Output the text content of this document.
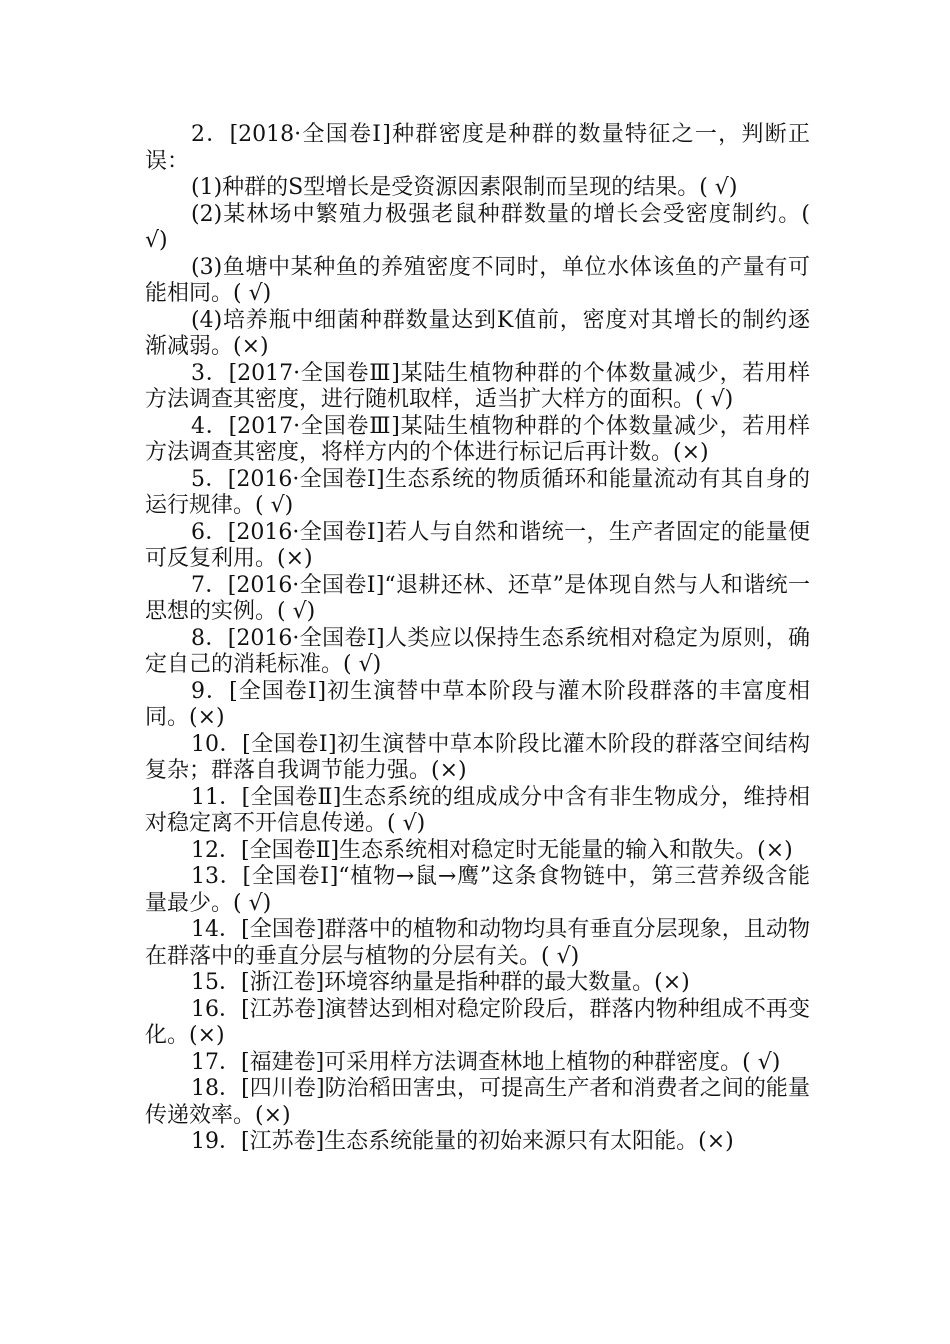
2．[2018·全国卷Ⅰ]种群密度是种群的数量特征之一，判断正误：

(1)种群的S型增长是受资源因素限制而呈现的结果。( √)

(2)某林场中繁殖力极强老鼠种群数量的增长会受密度制约。( √)

(3)鱼塘中某种鱼的养殖密度不同时，单位水体该鱼的产量有可能相同。( √)

(4)培养瓶中细菌种群数量达到K值前，密度对其增长的制约逐渐减弱。(×)

3．[2017·全国卷Ⅲ]某陆生植物种群的个体数量减少，若用样方法调查其密度，进行随机取样，适当扩大样方的面积。( √)

4．[2017·全国卷Ⅲ]某陆生植物种群的个体数量减少，若用样方法调查其密度，将样方内的个体进行标记后再计数。(×)

5．[2016·全国卷Ⅰ]生态系统的物质循环和能量流动有其自身的运行规律。( √)

6．[2016·全国卷Ⅰ]若人与自然和谐统一，生产者固定的能量便可反复利用。(×)

7．[2016·全国卷Ⅰ]“退耕还林、还草”是体现自然与人和谐统一思想的实例。( √)

8．[2016·全国卷Ⅰ]人类应以保持生态系统相对稳定为原则，确定自己的消耗标准。( √)

9．[全国卷Ⅰ]初生演替中草本阶段与灌木阶段群落的丰富度相同。(×)

10．[全国卷Ⅰ]初生演替中草本阶段比灌木阶段的群落空间结构复杂；群落自我调节能力强。(×)

11．[全国卷Ⅱ]生态系统的组成成分中含有非生物成分，维持相对稳定离不开信息传递。( √)

12．[全国卷Ⅱ]生态系统相对稳定时无能量的输入和散失。(×)

13．[全国卷Ⅰ]“植物→鼠→鹰”这条食物链中，第三营养级含能量最少。( √)

14．[全国卷]群落中的植物和动物均具有垂直分层现象，且动物在群落中的垂直分层与植物的分层有关。( √)

15．[浙江卷]环境容纳量是指种群的最大数量。(×)

16．[江苏卷]演替达到相对稳定阶段后，群落内物种组成不再变化。(×)

17．[福建卷]可采用样方法调查林地上植物的种群密度。( √)

18．[四川卷]防治稻田害虫，可提高生产者和消费者之间的能量传递效率。(×)

19．[江苏卷]生态系统能量的初始来源只有太阳能。(×)
